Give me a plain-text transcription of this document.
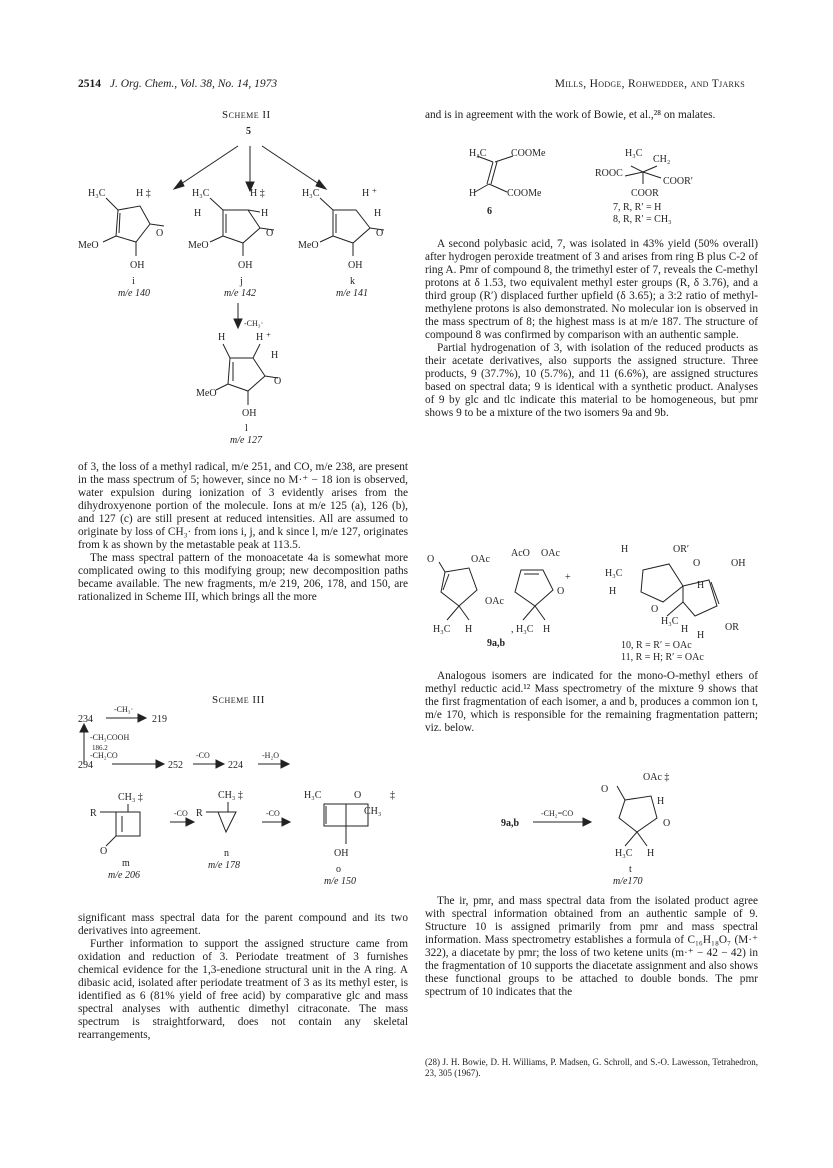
2514 J. Org. Chem., Vol. 38, No. 14, 1973	Mills, Hodge, Rohwedder, and Tjarks
Scheme II
5
H₃C	H ‡
O
MeO
OH
i
m/e 140
H₃C	H ‡
H	H
O
MeO
OH
j
m/e 142
H₃C	H ⁺
H
O
MeO
OH
k
m/e 141
-CH₃·
H	H ⁺
H
O
MeO
OH
l
m/e 127

of 3, the loss of a methyl radical, m/e 251, and CO, m/e 238, are present in the mass spectrum of 5; however, since no M·⁺ − 18 ion is observed, water expulsion during ionization of 3 evidently arises from the dihydroxyenone portion of the molecule. Ions at m/e 125 (a), 126 (b), and 127 (c) are still present at reduced intensities. All are assumed to originate by loss of CH₃· from ions i, j, and k since l, m/e 127, originates from k as shown by the metastable peak at 113.5.

The mass spectral pattern of the monoacetate 4a is somewhat more complicated owing to this modifying group; new decomposition paths became available. The new fragments, m/e 219, 206, 178, and 150, are rationalized in Scheme III, which brings all the more

Scheme III
234
-CH₃·
219
-CH₃COOH
186.2
-CH₂CO
294	252
-CO
224
-H₂O
CH₃ ‡
R
O
-CO
m
m/e 206
CH₃ ‡
R	-CO
n
m/e 178
H₃C	O	‡
CH₃
OH
o
m/e 150

significant mass spectral data for the parent compound and its two derivatives into agreement.

Further information to support the assigned structure came from oxidation and reduction of 3. Periodate treatment of 3 furnishes chemical evidence for the 1,3-enedione structural unit in the A ring. A dibasic acid, isolated after periodate treatment of 3 as its methyl ester, is identified as 6 (81% yield of free acid) by comparative glc and mass spectral analyses with authentic dimethyl citraconate. The mass spectrum is straightforward, does not contain any skeletal rearrangements,

and is in agreement with the work of Bowie, et al.,²⁸ on malates.

H₃C COOMe
H	COOMe
6
H₃C
CH₂
ROOC
COOR′
COOR
7, R, R′ = H
8, R, R′ = CH₃

A second polybasic acid, 7, was isolated in 43% yield (50% overall) after hydrogen peroxide treatment of 3 and arises from ring B plus C-2 of ring A. Pmr of compound 8, the trimethyl ester of 7, reveals the C-methyl protons at δ 1.53, two equivalent methyl ester groups (R, δ 3.76), and a third group (R′) displaced further upfield (δ 3.65); a 3:2 ratio of methyl-methylene protons is also demonstrated. No molecular ion is observed in the mass spectrum of 8; the highest mass is at m/e 187. The structure of compound 8 was confirmed by comparison with an authentic sample.

Partial hydrogenation of 3, with isolation of the reduced products as their acetate derivatives, also supports the assigned structure. Three products, 9 (37.7%), 10 (5.7%), and 11 (6.6%), are assigned structures based on spectral data; 9 is identical with a synthetic product. Analyses of 9 by glc and tlc indicate this material to be homogeneous, but pmr shows 9 to be a mixture of the two isomers 9a and 9b.

O	OAc
H₃C H
AcO OAc
OAc
O
+
, H₃C H
9a,b
H	OR′
OH
O
H₃C
H
H
O
H₃C
H
H
OR
10, R = R′ = OAc
11, R = H; R′ = OAc

Analogous isomers are indicated for the mono-O-methyl ethers of methyl reductic acid.¹² Mass spectrometry of the mixture 9 shows that the first fragmentation of each isomer, a and b, produces a common ion t, m/e 170, which is responsible for the remaining fragmentation pattern; viz. below.

9a,b
-CH₂=CO
OAc ‡
O
H
O
H₃C H
t
m/e170

The ir, pmr, and mass spectral data from the isolated product agree with spectral information obtained from an authentic sample of 9. Structure 10 is assigned primarily from pmr and mass spectral information. Mass spectrometry establishes a formula of C₁₆H₁₈O₇ (M·⁺ 322), a diacetate by pmr; the loss of two ketene units (m·⁺ − 42 − 42) in the fragmentation of 10 supports the diacetate assignment and also shows these functional groups to be attached to double bonds. The pmr spectrum of 10 indicates that the

(28) J. H. Bowie, D. H. Williams, P. Madsen, G. Schroll, and S.-O. Lawesson, Tetrahedron, 23, 305 (1967).
